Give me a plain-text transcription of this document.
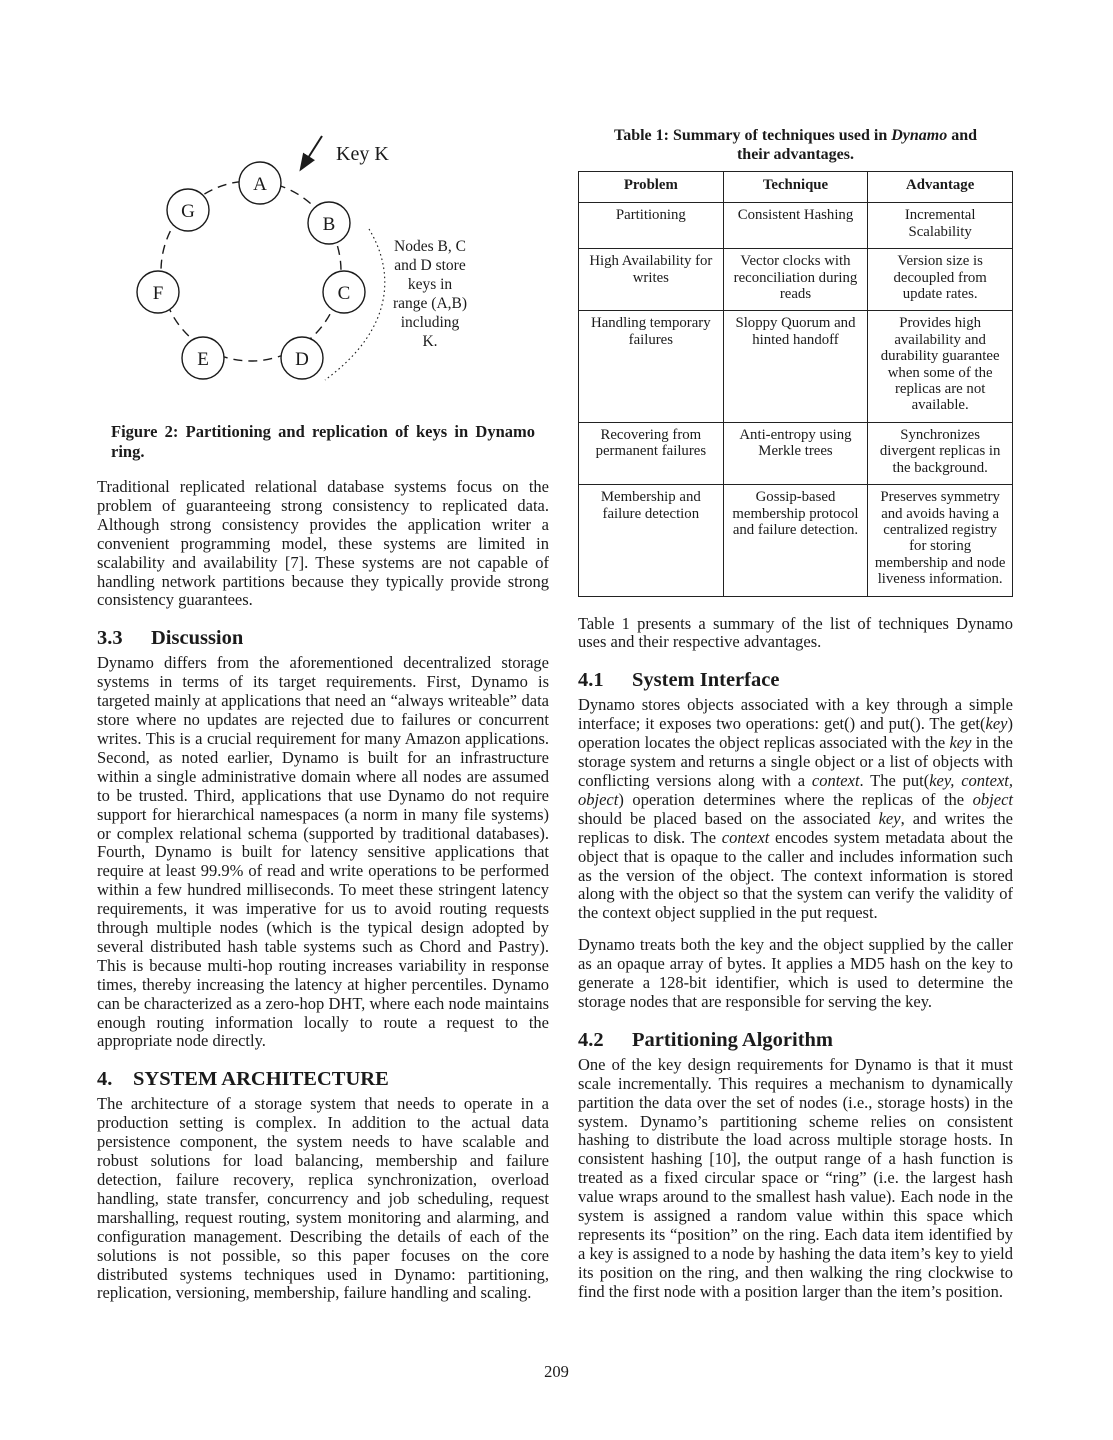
Key K
A
B
C
D
E
F
G
Nodes B, C
and D store
keys in
range (A,B)
including
K.
Figure 2: Partitioning and replication of keys in Dynamo ring.

Traditional replicated relational database systems focus on the problem of guaranteeing strong consistency to replicated data. Although strong consistency provides the application writer a convenient programming model, these systems are limited in scalability and availability [7]. These systems are not capable of handling network partitions because they typically provide strong consistency guarantees.

3.3 Discussion

Dynamo differs from the aforementioned decentralized storage systems in terms of its target requirements. First, Dynamo is targeted mainly at applications that need an “always writeable” data store where no updates are rejected due to failures or concurrent writes. This is a crucial requirement for many Amazon applications. Second, as noted earlier, Dynamo is built for an infrastructure within a single administrative domain where all nodes are assumed to be trusted. Third, applications that use Dynamo do not require support for hierarchical namespaces (a norm in many file systems) or complex relational schema (supported by traditional databases). Fourth, Dynamo is built for latency sensitive applications that require at least 99.9% of read and write operations to be performed within a few hundred milliseconds. To meet these stringent latency requirements, it was imperative for us to avoid routing requests through multiple nodes (which is the typical design adopted by several distributed hash table systems such as Chord and Pastry). This is because multi-hop routing increases variability in response times, thereby increasing the latency at higher percentiles. Dynamo can be characterized as a zero-hop DHT, where each node maintains enough routing information locally to route a request to the appropriate node directly.

4. SYSTEM ARCHITECTURE

The architecture of a storage system that needs to operate in a production setting is complex. In addition to the actual data persistence component, the system needs to have scalable and robust solutions for load balancing, membership and failure detection, failure recovery, replica synchronization, overload handling, state transfer, concurrency and job scheduling, request marshalling, request routing, system monitoring and alarming, and configuration management. Describing the details of each of the solutions is not possible, so this paper focuses on the core distributed systems techniques used in Dynamo: partitioning, replication, versioning, membership, failure handling and scaling.

Table 1: Summary of techniques used in Dynamo and their advantages.
Problem	Technique	Advantage
Partitioning	Consistent Hashing	Incremental Scalability
High Availability for writes	Vector clocks with reconciliation during reads	Version size is decoupled from update rates.
Handling temporary failures	Sloppy Quorum and hinted handoff	Provides high availability and durability guarantee when some of the replicas are not available.
Recovering from permanent failures	Anti-entropy using Merkle trees	Synchronizes divergent replicas in the background.
Membership and failure detection	Gossip-based membership protocol and failure detection.	Preserves symmetry and avoids having a centralized registry for storing membership and node liveness information.

Table 1 presents a summary of the list of techniques Dynamo uses and their respective advantages.

4.1 System Interface

Dynamo stores objects associated with a key through a simple interface; it exposes two operations: get() and put(). The get(key) operation locates the object replicas associated with the key in the storage system and returns a single object or a list of objects with conflicting versions along with a context. The put(key, context, object) operation determines where the replicas of the object should be placed based on the associated key, and writes the replicas to disk. The context encodes system metadata about the object that is opaque to the caller and includes information such as the version of the object. The context information is stored along with the object so that the system can verify the validity of the context object supplied in the put request.

Dynamo treats both the key and the object supplied by the caller as an opaque array of bytes. It applies a MD5 hash on the key to generate a 128-bit identifier, which is used to determine the storage nodes that are responsible for serving the key.

4.2 Partitioning Algorithm

One of the key design requirements for Dynamo is that it must scale incrementally. This requires a mechanism to dynamically partition the data over the set of nodes (i.e., storage hosts) in the system. Dynamo’s partitioning scheme relies on consistent hashing to distribute the load across multiple storage hosts. In consistent hashing [10], the output range of a hash function is treated as a fixed circular space or “ring” (i.e. the largest hash value wraps around to the smallest hash value). Each node in the system is assigned a random value within this space which represents its “position” on the ring. Each data item identified by a key is assigned to a node by hashing the data item’s key to yield its position on the ring, and then walking the ring clockwise to find the first node with a position larger than the item’s position.

209
